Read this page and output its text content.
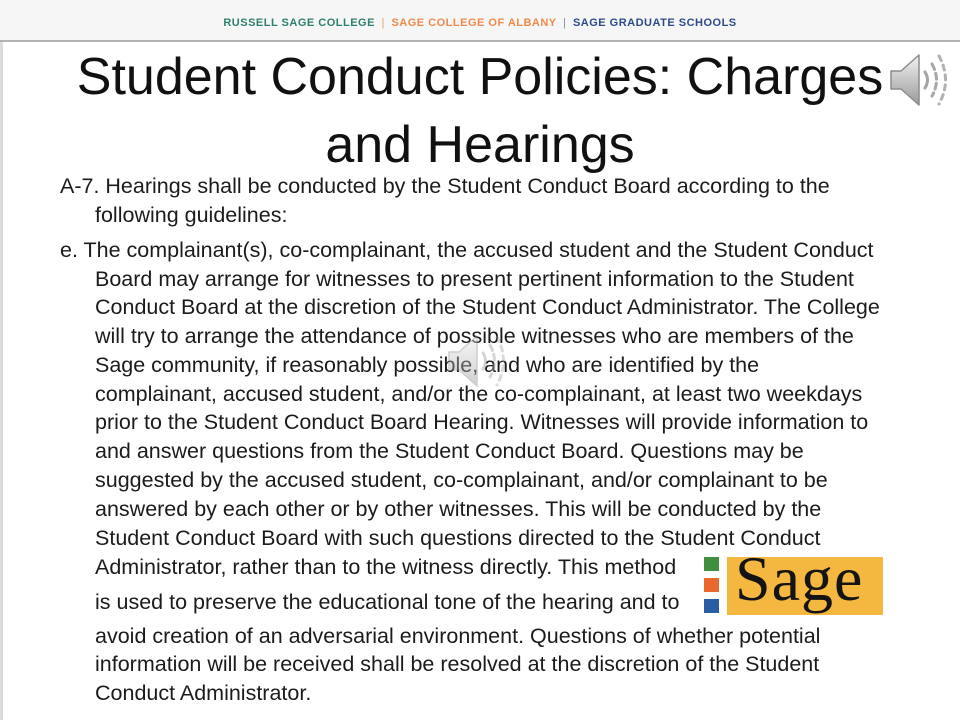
RUSSELL SAGE COLLEGE | SAGE COLLEGE OF ALBANY | SAGE GRADUATE SCHOOLS
Student Conduct Policies: Charges
and Hearings
A-7. Hearings shall be conducted by the Student Conduct Board according to the
following guidelines:
e. The complainant(s), co-complainant, the accused student and the Student Conduct
Board may arrange for witnesses to present pertinent information to the Student
Conduct Board at the discretion of the Student Conduct Administrator. The College
will try to arrange the attendance of possible witnesses who are members of the
Sage community, if reasonably possible, and who are identified by the
complainant, accused student, and/or the co-complainant, at least two weekdays
prior to the Student Conduct Board Hearing. Witnesses will provide information to
and answer questions from the Student Conduct Board. Questions may be
suggested by the accused student, co-complainant, and/or complainant to be
answered by each other or by other witnesses. This will be conducted by the
Student Conduct Board with such questions directed to the Student Conduct
Administrator, rather than to the witness directly. This method
is used to preserve the educational tone of the hearing and to
avoid creation of an adversarial environment. Questions of whether potential
information will be received shall be resolved at the discretion of the Student
Conduct Administrator.
Sage
